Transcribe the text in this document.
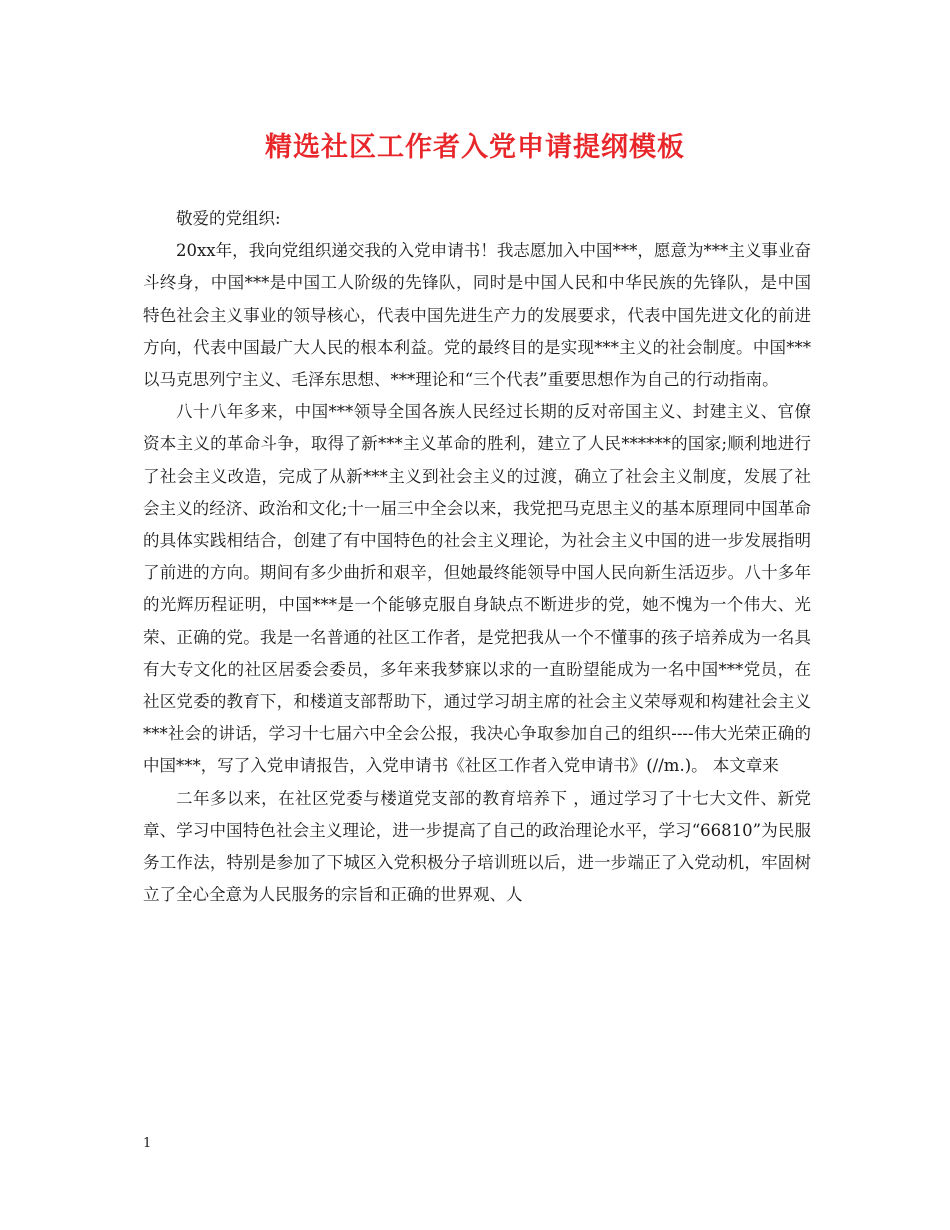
精选社区工作者入党申请提纲模板

敬爱的党组织:

20xx年，我向党组织递交我的入党申请书！我志愿加入中国***，愿意为***主义事业奋斗终身，中国***是中国工人阶级的先锋队，同时是中国人民和中华民族的先锋队，是中国特色社会主义事业的领导核心，代表中国先进生产力的发展要求，代表中国先进文化的前进方向，代表中国最广大人民的根本利益。党的最终目的是实现***主义的社会制度。中国***以马克思列宁主义、毛泽东思想、***理论和“三个代表”重要思想作为自己的行动指南。

八十八年多来，中国***领导全国各族人民经过长期的反对帝国主义、封建主义、官僚资本主义的革命斗争，取得了新***主义革命的胜利，建立了人民******的国家;顺利地进行了社会主义改造，完成了从新***主义到社会主义的过渡，确立了社会主义制度，发展了社会主义的经济、政治和文化;十一届三中全会以来，我党把马克思主义的基本原理同中国革命的具体实践相结合，创建了有中国特色的社会主义理论，为社会主义中国的进一步发展指明了前进的方向。期间有多少曲折和艰辛，但她最终能领导中国人民向新生活迈步。八十多年的光辉历程证明，中国***是一个能够克服自身缺点不断进步的党，她不愧为一个伟大、光荣、正确的党。我是一名普通的社区工作者，是党把我从一个不懂事的孩子培养成为一名具有大专文化的社区居委会委员，多年来我梦寐以求的一直盼望能成为一名中国***党员，在社区党委的教育下，和楼道支部帮助下，通过学习胡主席的社会主义荣辱观和构建社会主义***社会的讲话，学习十七届六中全会公报，我决心争取参加自己的组织----伟大光荣正确的中国***，写了入党申请报告，入党申请书《社区工作者入党申请书》(//m.)。 本文章来

二年多以来，在社区党委与楼道党支部的教育培养下 ，通过学习了十七大文件、新党章、学习中国特色社会主义理论，进一步提高了自己的政治理论水平，学习“66810”为民服务工作法，特别是参加了下城区入党积极分子培训班以后，进一步端正了入党动机，牢固树立了全心全意为人民服务的宗旨和正确的世界观、人

1
